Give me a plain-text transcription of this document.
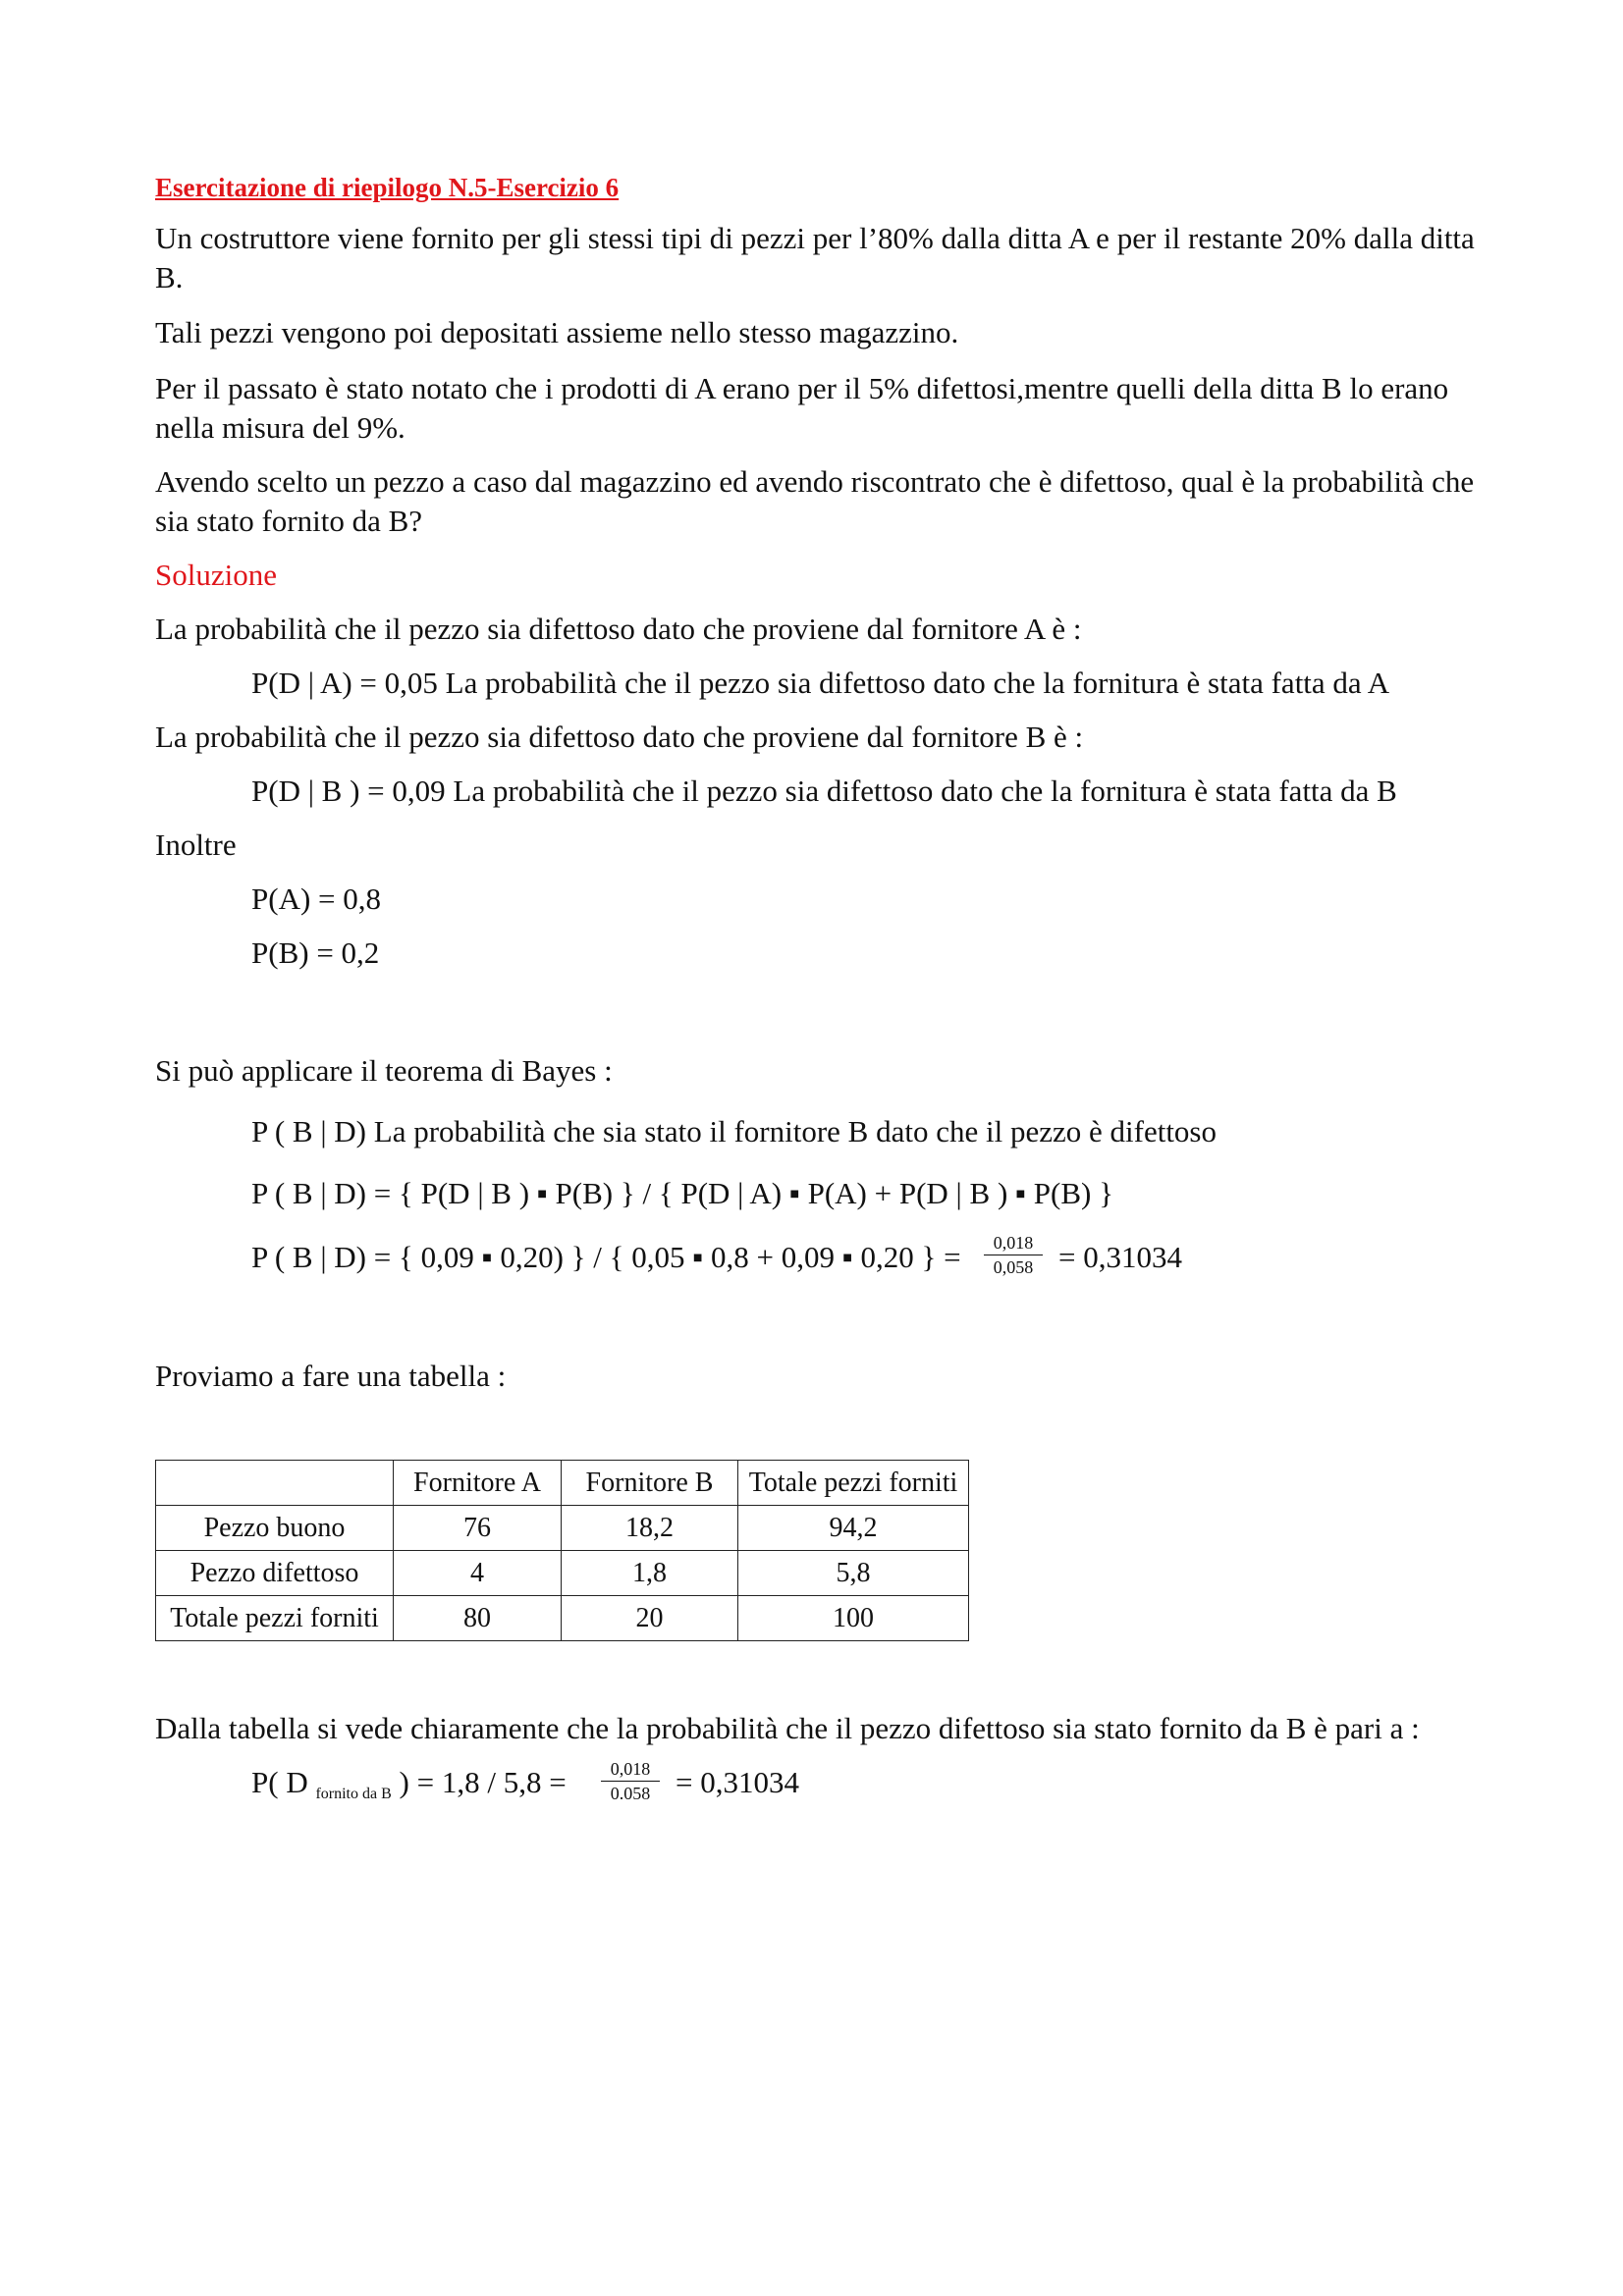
Esercitazione di riepilogo N.5-Esercizio 6
Un costruttore viene fornito per gli stessi tipi di pezzi per l’80% dalla ditta A e per il restante 20% dalla ditta
B.
Tali pezzi vengono poi depositati assieme nello stesso magazzino.
Per il passato è stato notato che i prodotti di A erano per il 5% difettosi,mentre quelli della ditta B lo erano
nella misura del 9%.
Avendo scelto un pezzo a caso dal magazzino ed avendo riscontrato che è difettoso, qual è la probabilità che
sia stato fornito da B?
Soluzione
La probabilità che il pezzo sia difettoso dato che proviene dal fornitore A è :
P(D | A) = 0,05 La probabilità che il pezzo sia difettoso dato che la fornitura è stata fatta da A
La probabilità che il pezzo sia difettoso dato che proviene dal fornitore B è :
P(D | B ) = 0,09 La probabilità che il pezzo sia difettoso dato che la fornitura è stata fatta da B
Inoltre
P(A) = 0,8
P(B) = 0,2
Si può applicare il teorema di Bayes :
P ( B | D) La probabilità che sia stato il fornitore B dato che il pezzo è difettoso
P ( B | D) = { P(D | B ) ▪ P(B) } / { P(D | A) ▪ P(A) + P(D | B ) ▪ P(B) }
P ( B | D) = { 0,09 ▪ 0,20) } / { 0,05 ▪ 0,8 + 0,09 ▪ 0,20 } = $\frac{0,018}{0,058} = 0,31034$
Proviamo a fare una tabella :
	Fornitore A	Fornitore B	Totale pezzi forniti
Pezzo buono	76	18,2	94,2
Pezzo difettoso	4	1,8	5,8
Totale pezzi forniti	80	20	100
Dalla tabella si vede chiaramente che la probabilità che il pezzo difettoso sia stato fornito da B è pari a :
P( D $_{fornito da B}$ ) = $1,8 / 5,8 = \frac{0,018}{0.058} = 0,31034$
